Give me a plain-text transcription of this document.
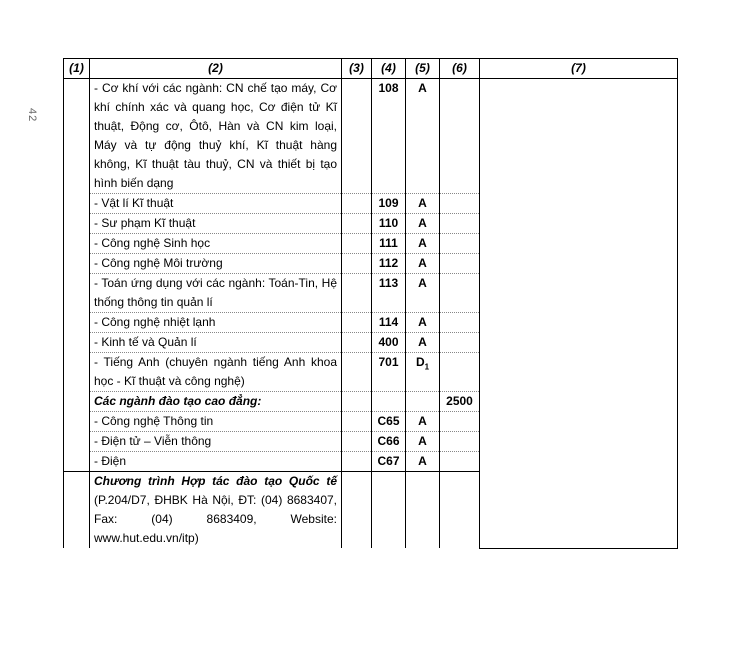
42
(1)	(2)	(3)	(4)	(5)	(6)	(7)
	- Cơ khí với các ngành: CN chế tạo máy, Cơ khí chính xác và quang học, Cơ điện tử Kĩ thuật, Động cơ, Ôtô, Hàn và CN kim loại, Máy và tự động thuỷ khí, Kĩ thuật hàng không, Kĩ thuật tàu thuỷ, CN và thiết bị tạo hình biến dạng		108	A		
	- Vật lí Kĩ thuật		109	A		
	- Sư phạm Kĩ thuật		110	A		
	- Công nghệ Sinh học		111	A		
	- Công nghệ Môi trường		112	A		
	- Toán ứng dụng với các ngành: Toán-Tin, Hệ thống thông tin quản lí		113	A		
	- Công nghệ nhiệt lạnh		114	A		
	- Kinh tế và Quản lí		400	A		
	- Tiếng Anh (chuyên ngành tiếng Anh khoa học - Kĩ thuật và công nghệ)		701	$D_1$	
	Các ngành đào tạo cao đẳng:				2500	
	- Công nghệ Thông tin		C65	A		
	- Điện tử – Viễn thông		C66	A		
	- Điện		C67	A		
	Chương trình Hợp tác đào tạo Quốc tế (P.204/D7, ĐHBK Hà Nội, ĐT: (04) 8683407, Fax: (04) 8683409, Website: www.hut.edu.vn/itp)					
